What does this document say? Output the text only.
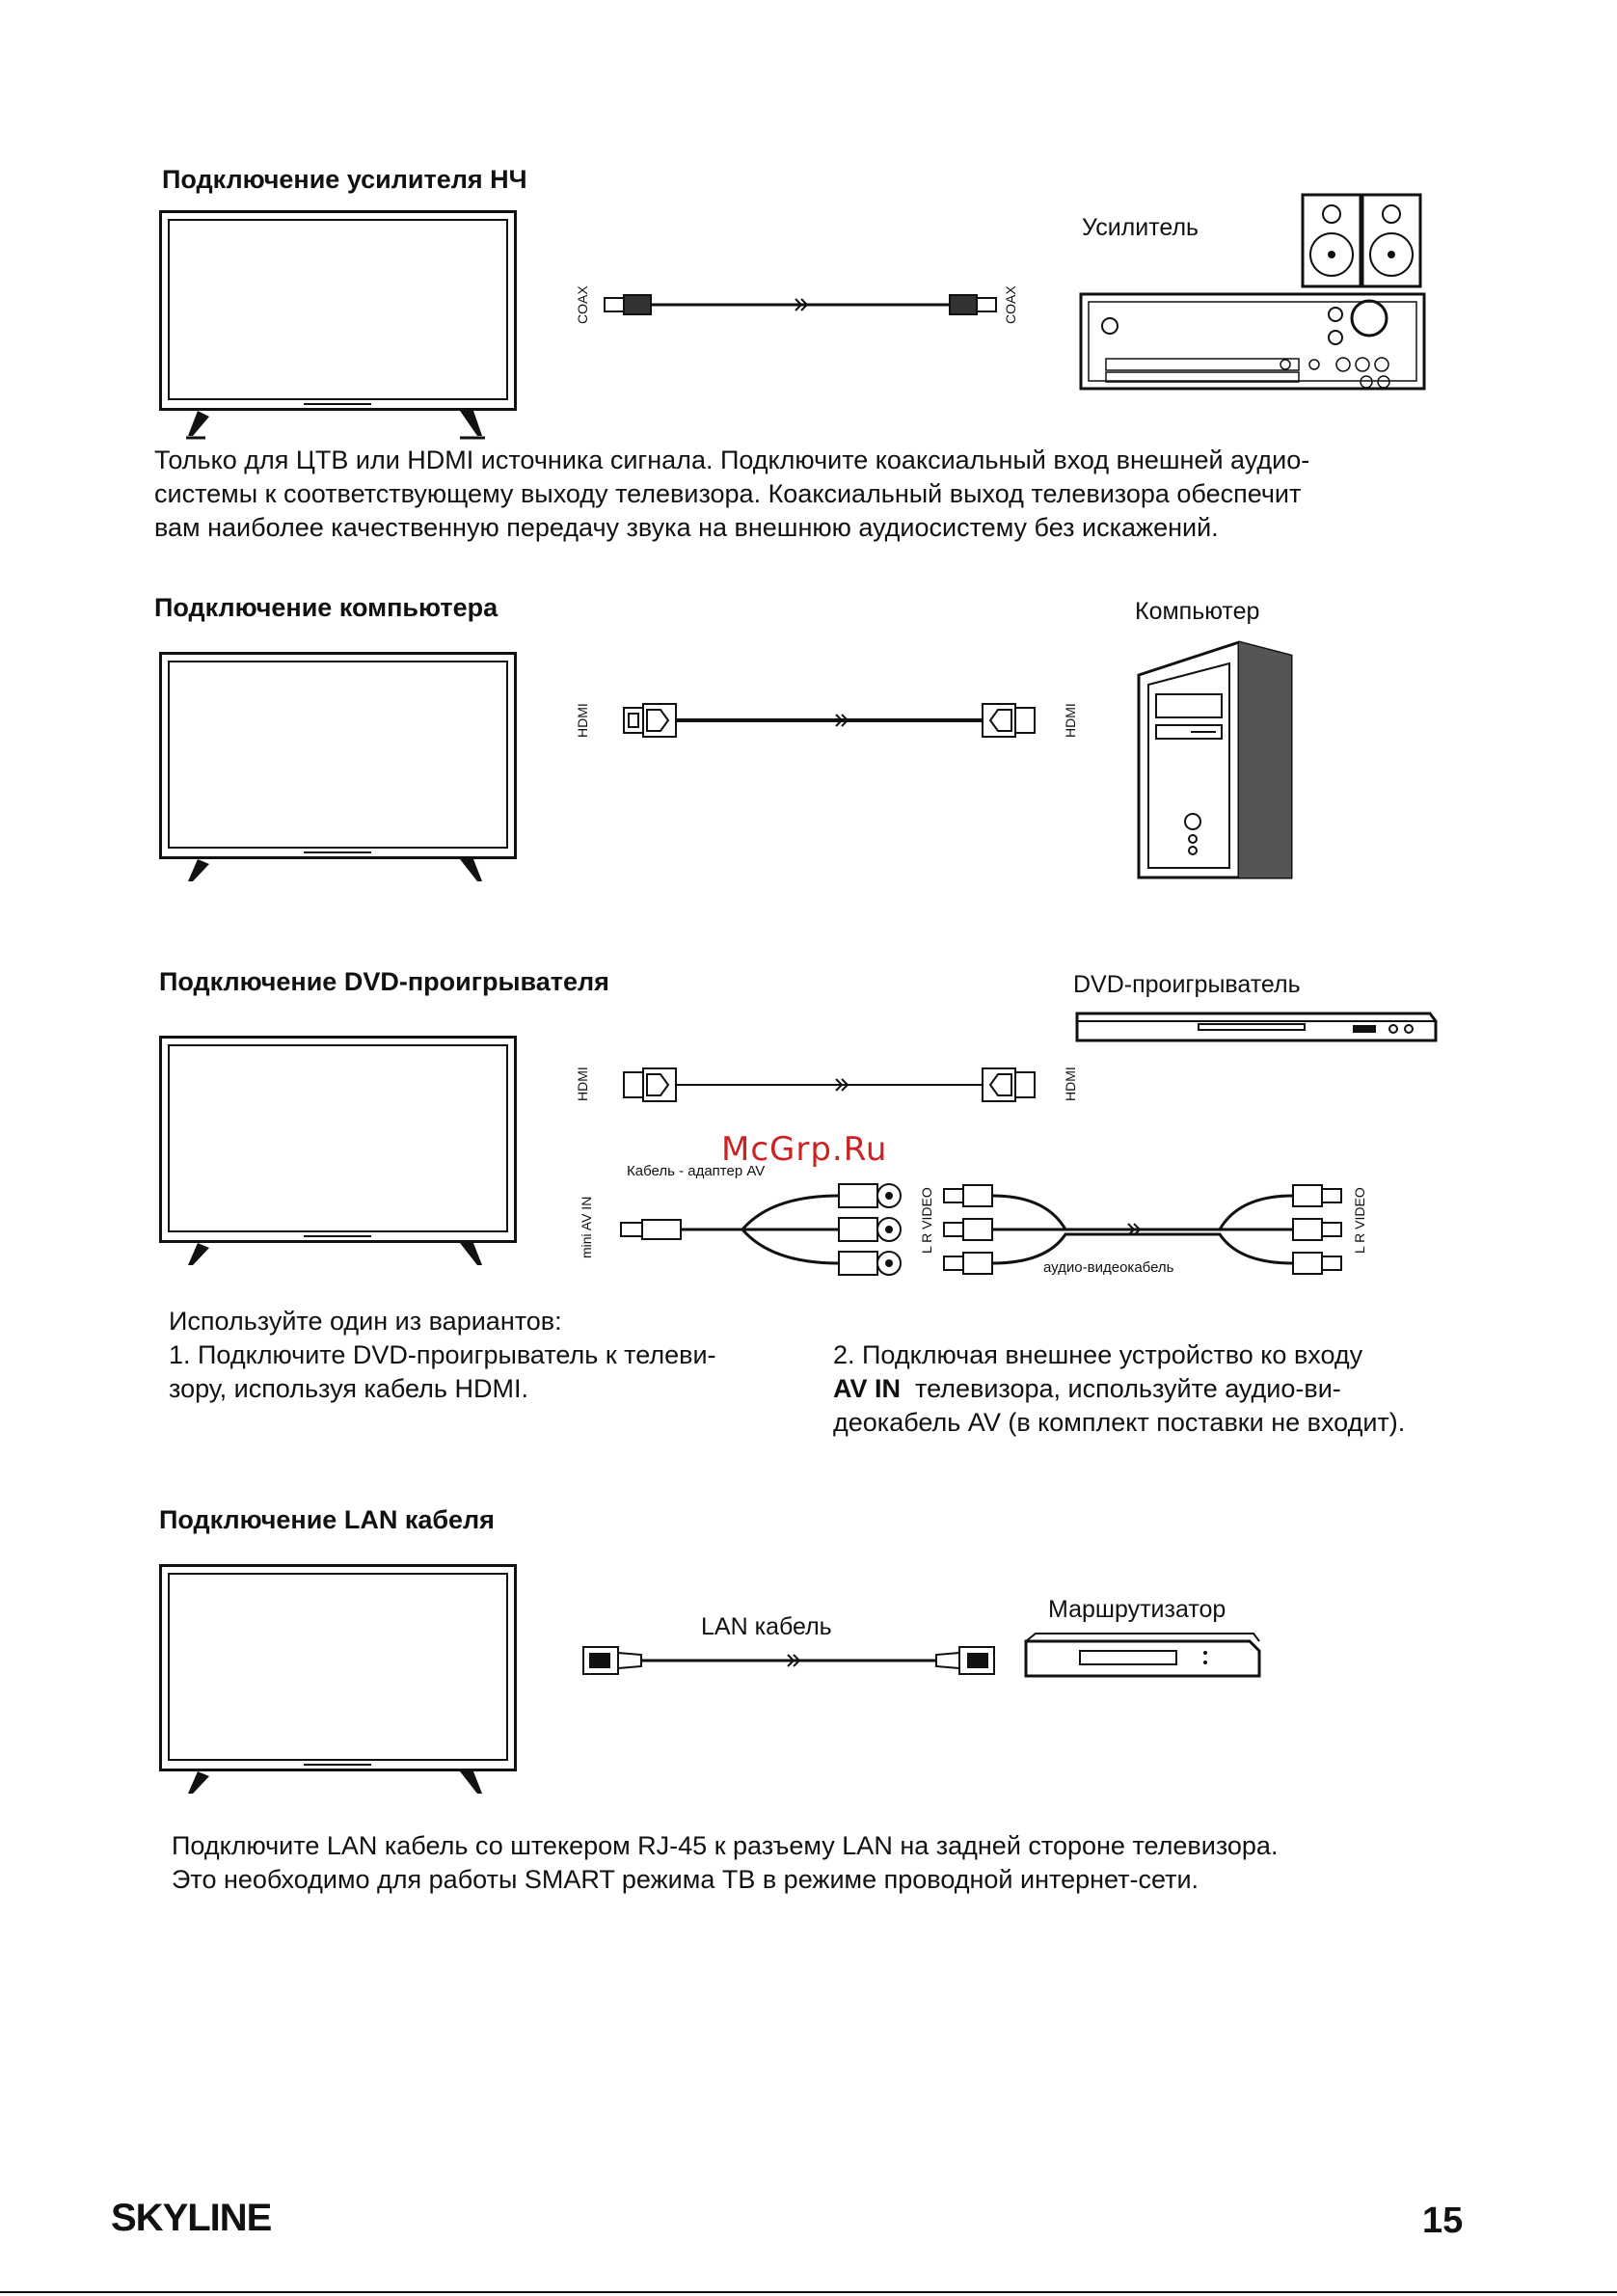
Подключение усилителя НЧ
COAX	COAX
Усилитель
Только для ЦТВ или HDMI источника сигнала. Подключите коаксиальный вход внешней аудио-
системы к соответствующему выходу телевизора. Коаксиальный выход телевизора обеспечит
вам наиболее качественную передачу звука на внешнюю аудиосистему без искажений.
Подключение компьютера
HDMI	HDMI
Компьютер
Подключение DVD-проигрывателя	DVD-проигрыватель
HDMI	HDMI
McGrp.Ru
Кабель - адаптер AV
mini AV IN	L R VIDEO
аудио-видеокабель
L R VIDEO
Используйте один из вариантов:
1. Подключите DVD-проигрыватель к телеви-
зору, используя кабель HDMI.
2. Подключая внешнее устройство ко входу
AV IN  телевизора, используйте аудио-ви-
деокабель AV (в комплект поставки не входит).
Подключение LAN кабеля
LAN кабель
Маршрутизатор
Подключите LAN кабель со штекером RJ-45 к разъему LAN на задней стороне телевизора.
Это необходимо для работы SMART режима ТВ в режиме проводной интернет-сети.
SKYLINE	15
